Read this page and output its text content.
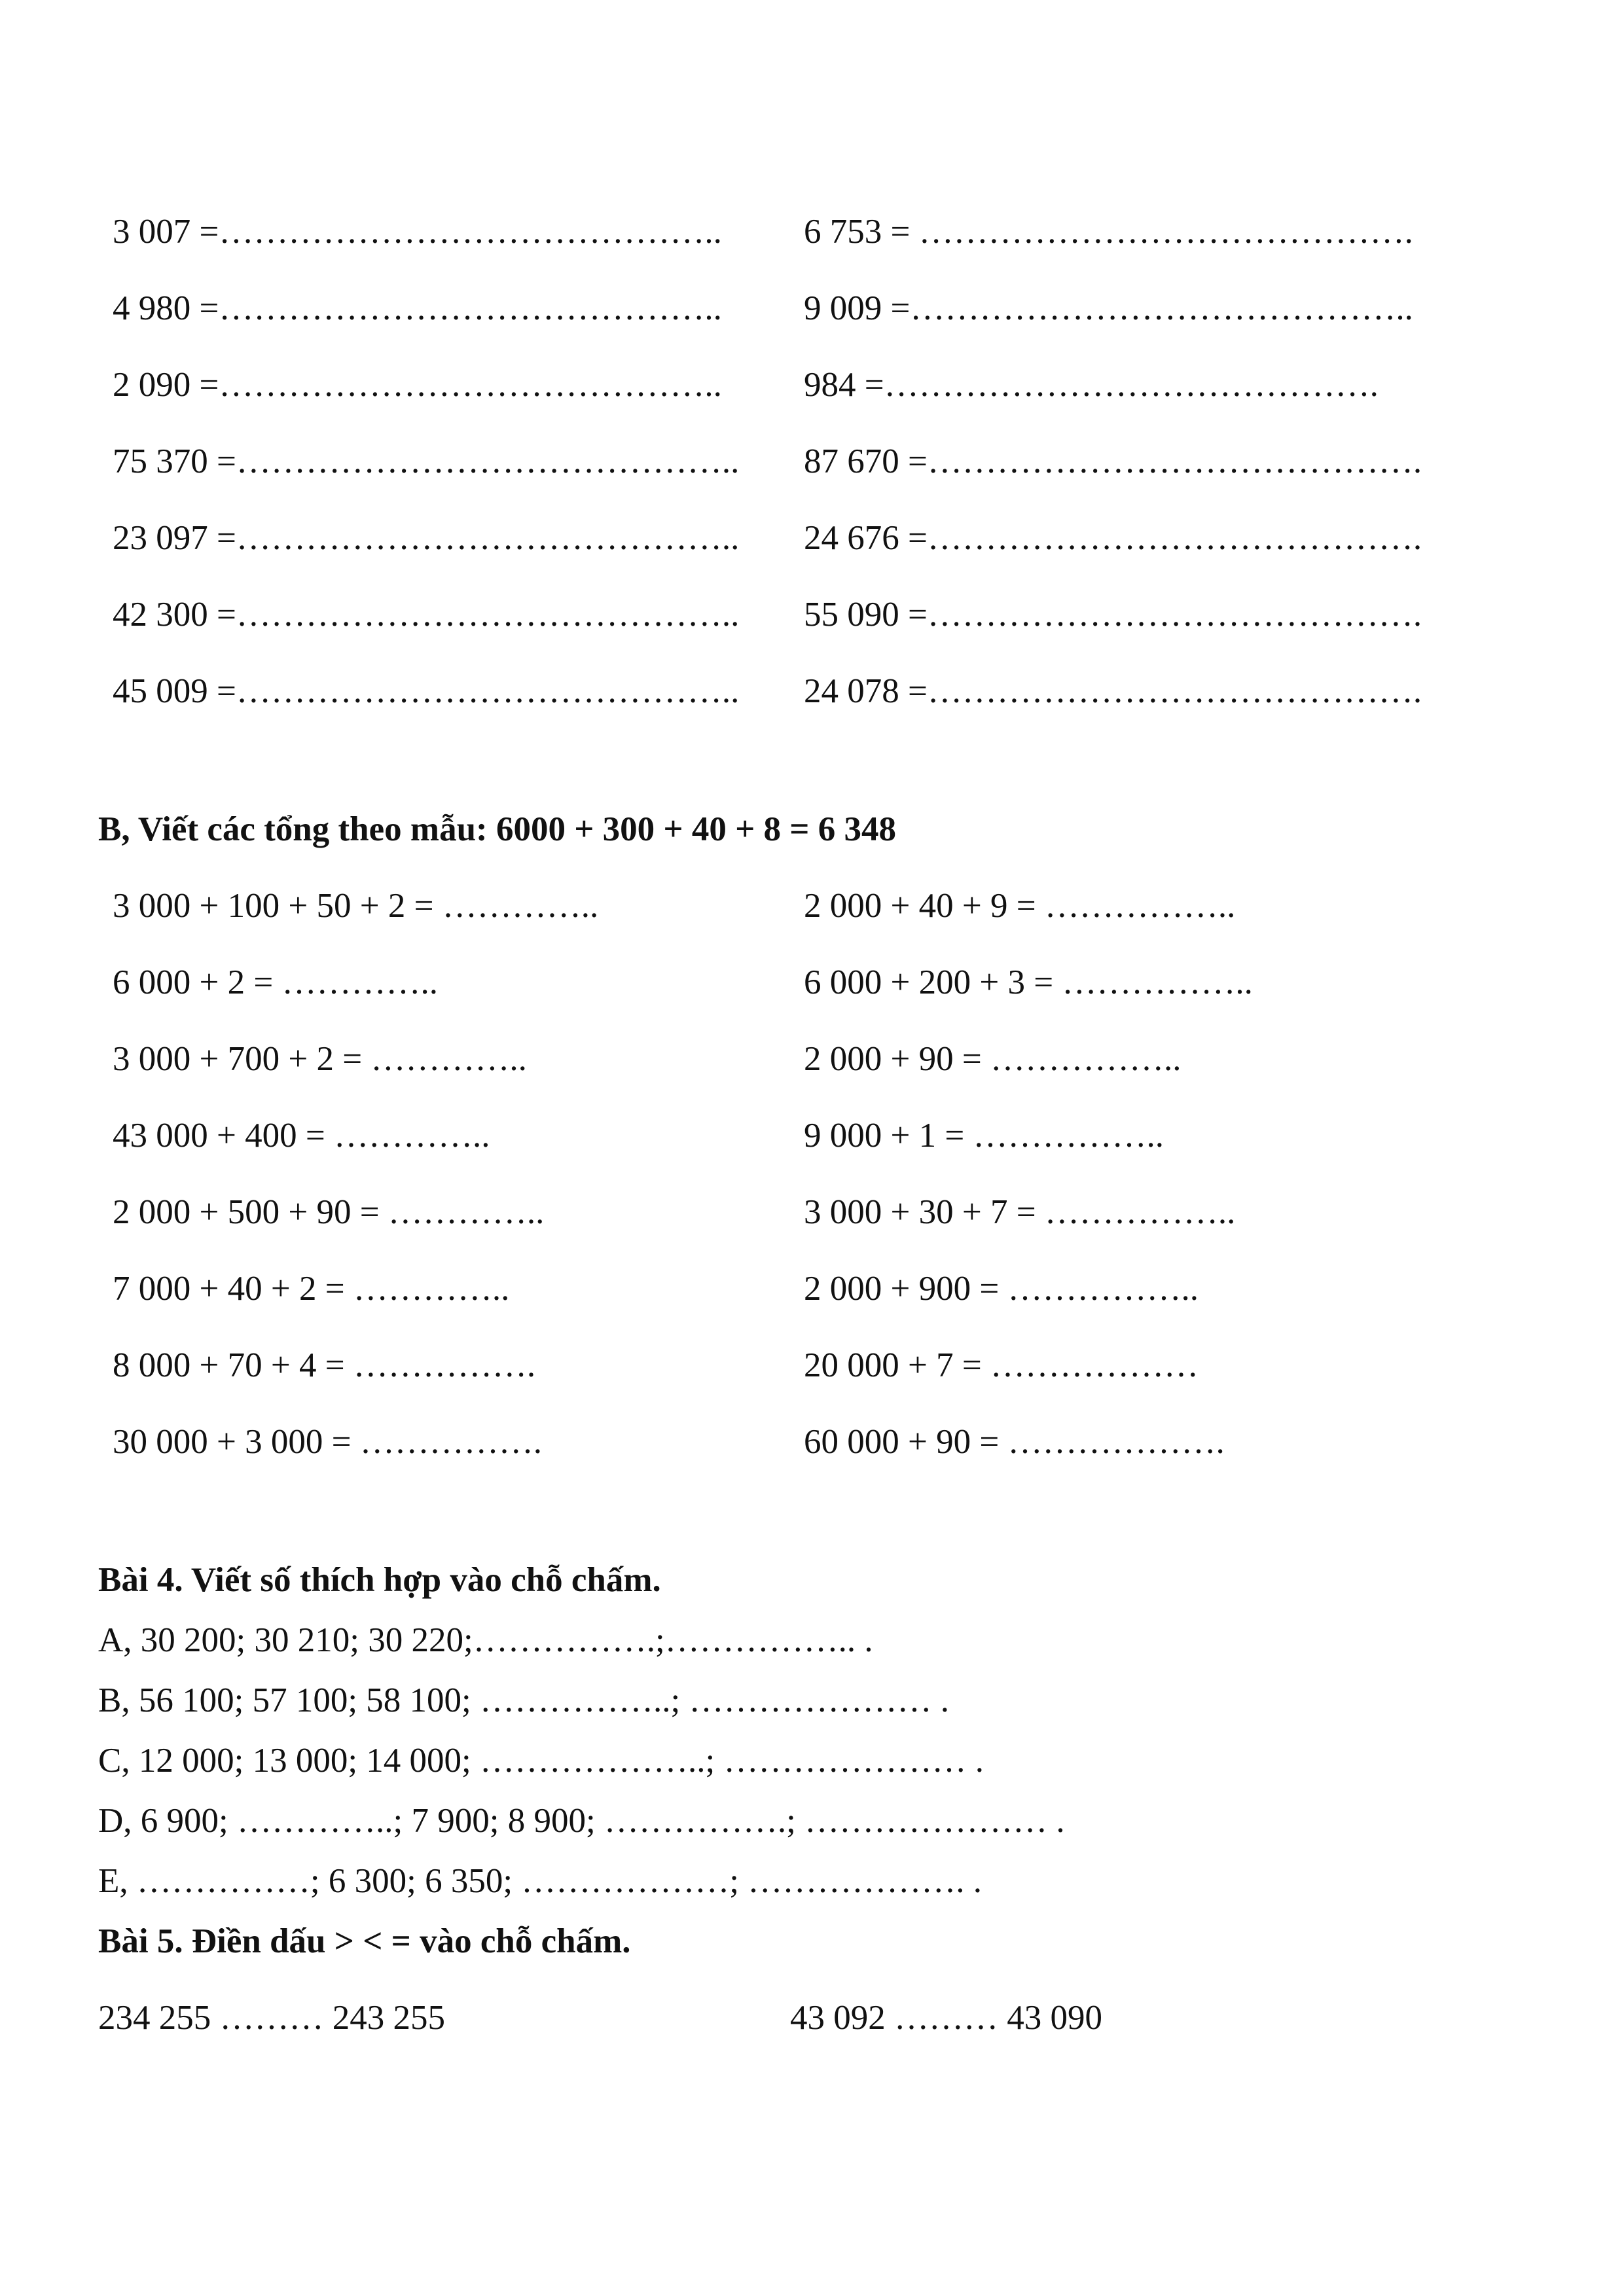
3 007 =……………………………………..
4 980 =……………………………………..
2 090 =……………………………………..
75 370 =……………………………………..
23 097 =……………………………………..
42 300 =……………………………………..
45 009 =……………………………………..
6 753 = …………………………………….
9 009 =……………………………………..
984 =…………………………………….
87 670 =…………………………………….
24 676 =…………………………………….
55 090 =…………………………………….
24 078 =…………………………………….
B, Viết các tổng theo mẫu: 6000 + 300 + 40 + 8 = 6 348
3 000 + 100 + 50 + 2 = …………..
6 000 + 2 = …………..
3 000 + 700 + 2 = …………..
43 000 + 400 = …………..
2 000 + 500 + 90 = …………..
7 000 + 40 + 2 = …………..
8 000 + 70 + 4 = …………….
30 000 + 3 000 = …………….
2 000 + 40 + 9 = ……………..
6 000 + 200 + 3 = ……………..
2 000 + 90 = ……………..
9 000 + 1 = ……………..
3 000 + 30 + 7 = ……………..
2 000 + 900 = ……………..
20 000 + 7 = ………………
60 000 + 90 = ……………….
Bài 4. Viết số thích hợp vào chỗ chấm.
A, 30 200; 30 210; 30 220;…………….;…………….. .
B, 56 100; 57 100; 58 100; ……………..; ………………… .
C, 12 000; 13 000; 14 000; ………………..; ………………… .
D, 6 900; …………..; 7 900; 8 900; …………….; ………………… .
E, ……………; 6 300; 6 350; ………………; ………………. .
Bài 5. Điền dấu > < = vào chỗ chấm.
234 255 ……… 243 255	43 092 ……… 43 090
